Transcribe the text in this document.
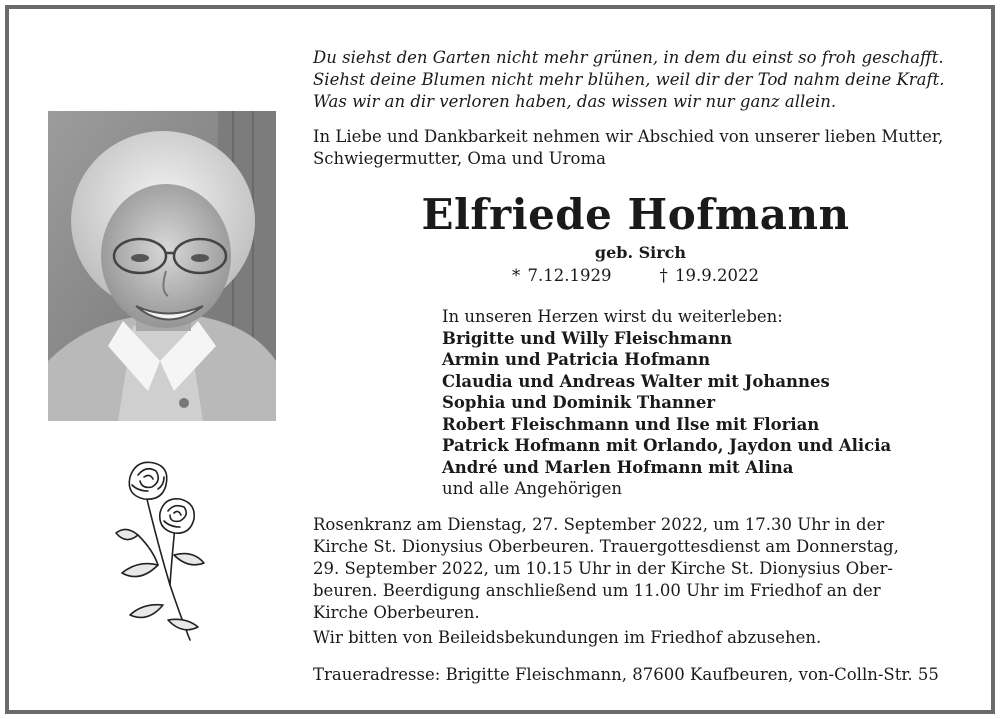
Du siehst den Garten nicht mehr grünen, in dem du einst so froh geschafft.
Siehst deine Blumen nicht mehr blühen, weil dir der Tod nahm deine Kraft.
Was wir an dir verloren haben, das wissen wir nur ganz allein.
In Liebe und Dankbarkeit nehmen wir Abschied von unserer lieben Mutter,
Schwiegermutter, Oma und Uroma
Elfriede Hofmann
geb. Sirch
* 7.12.1929	† 19.9.2022
In unseren Herzen wirst du weiterleben:
Brigitte und Willy Fleischmann
Armin und Patricia Hofmann
Claudia und Andreas Walter mit Johannes
Sophia und Dominik Thanner
Robert Fleischmann und Ilse mit Florian
Patrick Hofmann mit Orlando, Jaydon und Alicia
André und Marlen Hofmann mit Alina
und alle Angehörigen
Rosenkranz am Dienstag, 27. September 2022, um 17.30 Uhr in der
Kirche St. Dionysius Oberbeuren. Trauergottesdienst am Donnerstag,
29. September 2022, um 10.15 Uhr in der Kirche St. Dionysius Ober-
beuren. Beerdigung anschließend um 11.00 Uhr im Friedhof an der
Kirche Oberbeuren.
Wir bitten von Beileidsbekundungen im Friedhof abzusehen.
Traueradresse: Brigitte Fleischmann, 87600 Kaufbeuren, von-Colln-Str. 55
